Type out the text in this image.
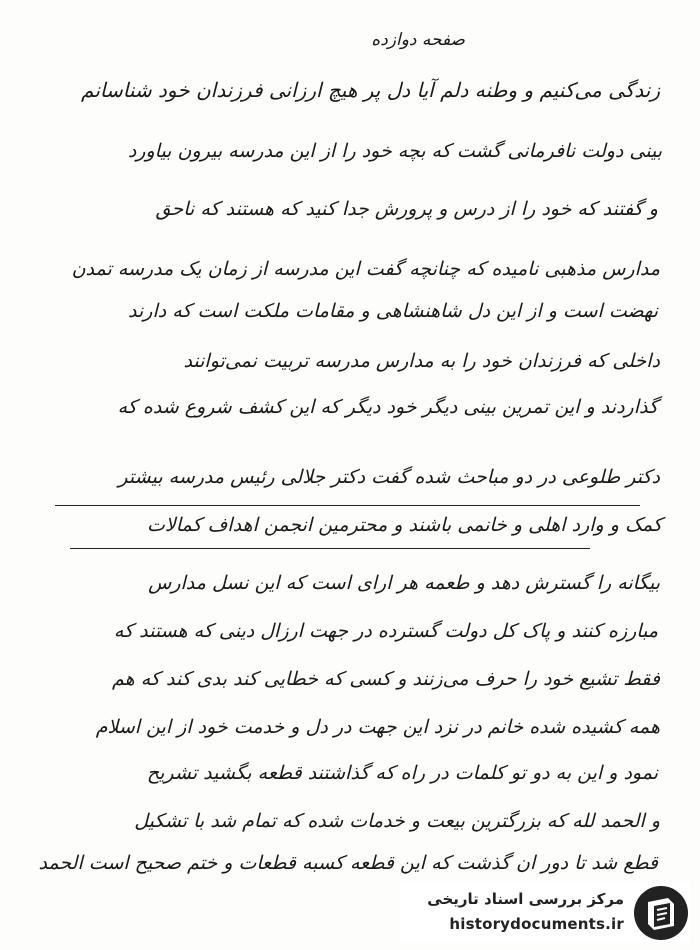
صفحه دوازده
زندگی می‌کنیم و وطنه دلم آیا دل پر هیچ ارزانی فرزندان خود شناسانم
بینی دولت نافرمانی گشت که بچه خود را از این مدرسه بیرون بیاورد
و گفتند که خود را از درس و پرورش جدا کنید که هستند که ناحق
مدارس مذهبی نامیده که چنانچه گفت این مدرسه از زمان یک مدرسه تمدن
نهضت است و از این دل شاهنشاهی و مقامات ملکت است که دارند
داخلی که فرزندان خود را به مدارس مدرسه تربیت نمی‌توانند
گذاردند و این تمرین بینی دیگر خود دیگر که این کشف شروع شده که
دکتر طلوعی در دو مباحث شده گفت دکتر جلالی رئیس مدرسه بیشتر
کمک و وارد اهلی و خانمی باشند و محترمین انجمن اهداف کمالات
بیگانه را گسترش دهد و طعمه هر ارای است که این نسل مدارس
مبارزه کنند و پاک کل دولت گسترده در جهت ارزال دینی که هستند که
فقط تشیع خود را حرف می‌زنند و کسی که خطایی کند بدی کند که هم
همه کشیده شده خانم در نزد این جهت در دل و خدمت خود از این اسلام
نمود و این به دو تو کلمات در راه که گذاشتند قطعه بگشید تشریح
و الحمد لله که بزرگترین بیعت و خدمات شده که تمام شد با تشکیل
قطع شد تا دور ان گذشت که این قطعه کسبه قطعات و ختم صحیح است الحمد
مرکز بررسی اسناد تاریخی
historydocuments.ir
